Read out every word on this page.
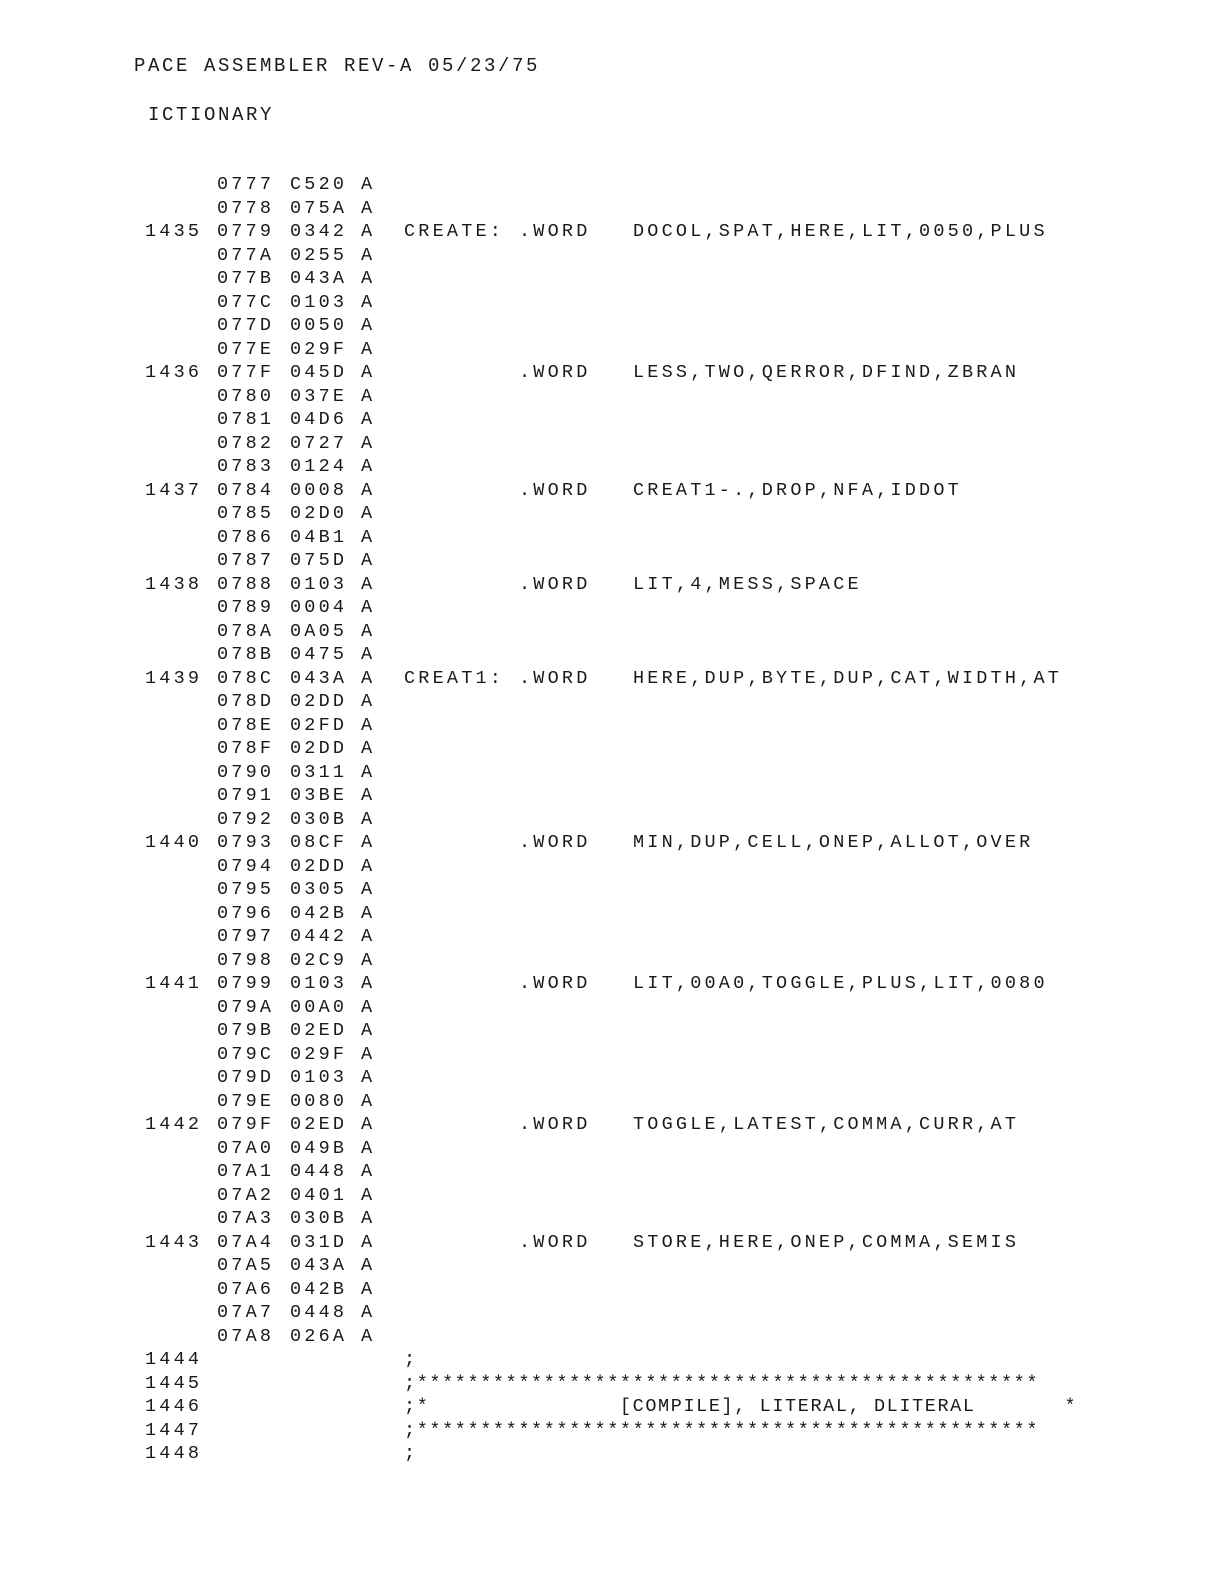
PACE ASSEMBLER REV-A 05/23/75
ICTIONARY
0777 C520 A
0778 075A A
1435 0779 0342 A CREATE: .WORD DOCOL,SPAT,HERE,LIT,0050,PLUS
077A 0255 A
077B 043A A
077C 0103 A
077D 0050 A
077E 029F A
1436 077F 045D A	.WORD LESS,TWO,QERROR,DFIND,ZBRAN
0780 037E A
0781 04D6 A
0782 0727 A
0783 0124 A
1437 0784 0008 A	.WORD CREAT1-.,DROP,NFA,IDDOT
0785 02D0 A
0786 04B1 A
0787 075D A
1438 0788 0103 A	.WORD LIT,4,MESS,SPACE
0789 0004 A
078A 0A05 A
078B 0475 A
1439 078C 043A A CREAT1: .WORD HERE,DUP,BYTE,DUP,CAT,WIDTH,AT
078D 02DD A
078E 02FD A
078F 02DD A
0790 0311 A
0791 03BE A
0792 030B A
1440 0793 08CF A	.WORD MIN,DUP,CELL,ONEP,ALLOT,OVER
0794 02DD A
0795 0305 A
0796 042B A
0797 0442 A
0798 02C9 A
1441 0799 0103 A	.WORD LIT,00A0,TOGGLE,PLUS,LIT,0080
079A 00A0 A
079B 02ED A
079C 029F A
079D 0103 A
079E 0080 A
1442 079F 02ED A	.WORD TOGGLE,LATEST,COMMA,CURR,AT
07A0 049B A
07A1 0448 A
07A2 0401 A
07A3 030B A
1443 07A4 031D A	.WORD STORE,HERE,ONEP,COMMA,SEMIS
07A5 043A A
07A6 042B A
07A7 0448 A
07A8 026A A
1444	;
1445	;*************************************************
1446	;*               [COMPILE], LITERAL, DLITERAL       *
1447	;*************************************************
1448	;
